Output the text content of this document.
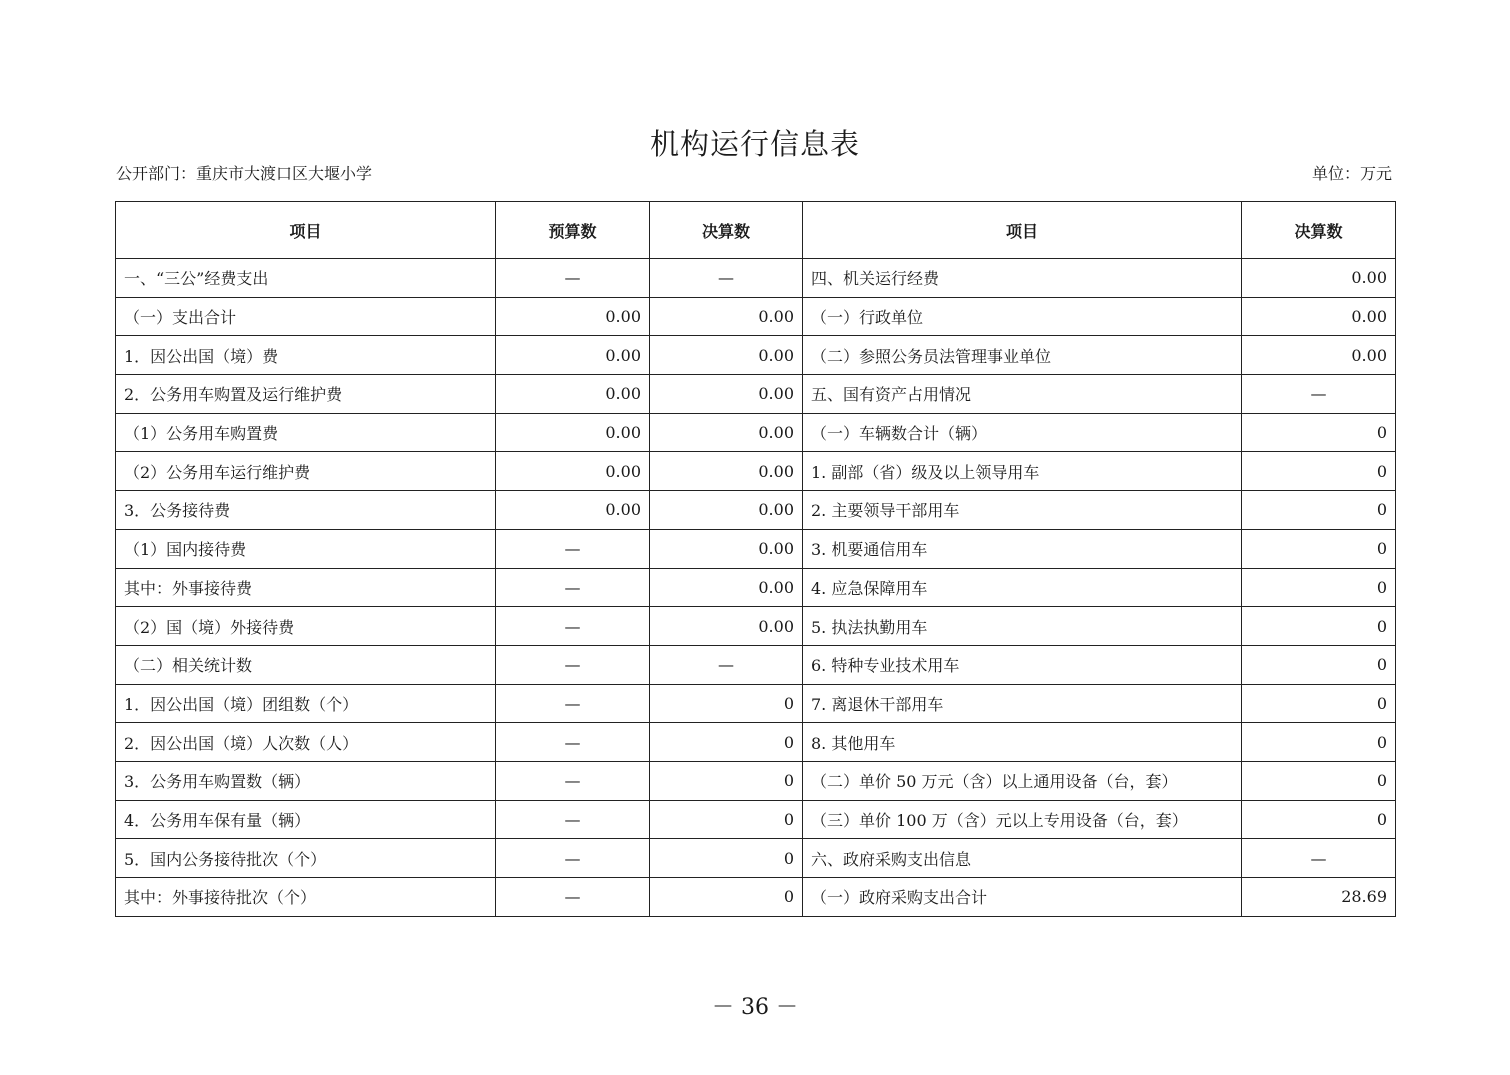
机构运行信息表
公开部门：重庆市大渡口区大堰小学	单位：万元
项目	预算数	决算数	项目	决算数
一、“三公”经费支出	—	—	四、机关运行经费	0.00
（一）支出合计	0.00	0.00	（一）行政单位	0.00
1．因公出国（境）费	0.00	0.00	（二）参照公务员法管理事业单位	0.00
2．公务用车购置及运行维护费	0.00	0.00	五、国有资产占用情况	—
（1）公务用车购置费	0.00	0.00	（一）车辆数合计（辆）	0
（2）公务用车运行维护费	0.00	0.00	1. 副部（省）级及以上领导用车	0
3．公务接待费	0.00	0.00	2. 主要领导干部用车	0
（1）国内接待费	—	0.00	3. 机要通信用车	0
其中：外事接待费	—	0.00	4. 应急保障用车	0
（2）国（境）外接待费	—	0.00	5. 执法执勤用车	0
（二）相关统计数	—	—	6. 特种专业技术用车	0
1．因公出国（境）团组数（个）	—	0	7. 离退休干部用车	0
2．因公出国（境）人次数（人）	—	0	8. 其他用车	0
3．公务用车购置数（辆）	—	0	（二）单价 50 万元（含）以上通用设备（台，套）	0
4．公务用车保有量（辆）	—	0	（三）单价 100 万（含）元以上专用设备（台，套）	0
5．国内公务接待批次（个）	—	0	六、政府采购支出信息	—
其中：外事接待批次（个）	—	0	（一）政府采购支出合计	28.69
－ 36 －
